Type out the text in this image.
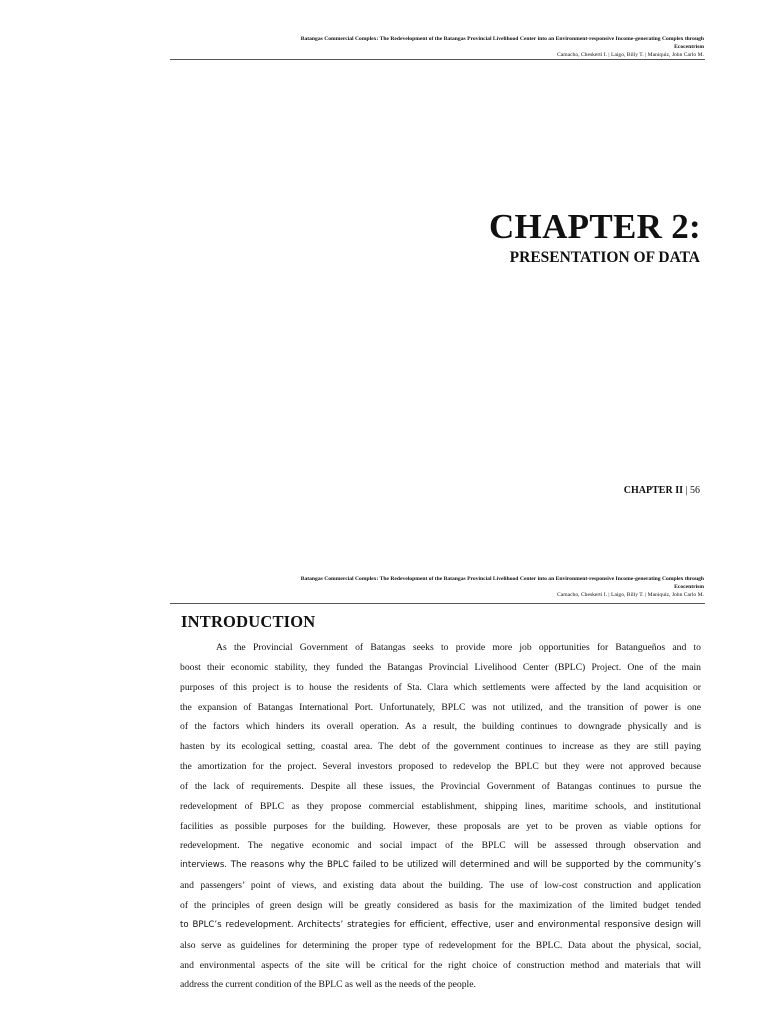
Batangas Commercial Complex: The Redevelopment of the Batangas Provincial Livelihood Center into an Environment-responsive Income-generating Complex through
Ecocentrism
Camacho, Cheskerti I. | Laigo, Billy T. | Maniquiz, John Carlo M.
CHAPTER 2:
PRESENTATION OF DATA
CHAPTER II | 56
Batangas Commercial Complex: The Redevelopment of the Batangas Provincial Livelihood Center into an Environment-responsive Income-generating Complex through
Ecocentrism
Camacho, Cheskerti I. | Laigo, Billy T. | Maniquiz, John Carlo M.
INTRODUCTION
As the Provincial Government of Batangas seeks to provide more job opportunities for Batangueños and to
boost their economic stability, they funded the Batangas Provincial Livelihood Center (BPLC) Project. One of the main
purposes of this project is to house the residents of Sta. Clara which settlements were affected by the land acquisition or
the expansion of Batangas International Port. Unfortunately, BPLC was not utilized, and the transition of power is one
of the factors which hinders its overall operation. As a result, the building continues to downgrade physically and is
hasten by its ecological setting, coastal area. The debt of the government continues to increase as they are still paying
the amortization for the project. Several investors proposed to redevelop the BPLC but they were not approved because
of the lack of requirements. Despite all these issues, the Provincial Government of Batangas continues to pursue the
redevelopment of BPLC as they propose commercial establishment, shipping lines, maritime schools, and institutional
facilities as possible purposes for the building. However, these proposals are yet to be proven as viable options for
redevelopment. The negative economic and social impact of the BPLC will be assessed through observation and
interviews. The reasons why the BPLC failed to be utilized will determined and will be supported by the community’s
and passengers’ point of views, and existing data about the building. The use of low-cost construction and application
of the principles of green design will be greatly considered as basis for the maximization of the limited budget tended
to BPLC’s redevelopment. Architects’ strategies for efficient, effective, user and environmental responsive design will
also serve as guidelines for determining the proper type of redevelopment for the BPLC. Data about the physical, social,
and environmental aspects of the site will be critical for the right choice of construction method and materials that will
address the current condition of the BPLC as well as the needs of the people.
